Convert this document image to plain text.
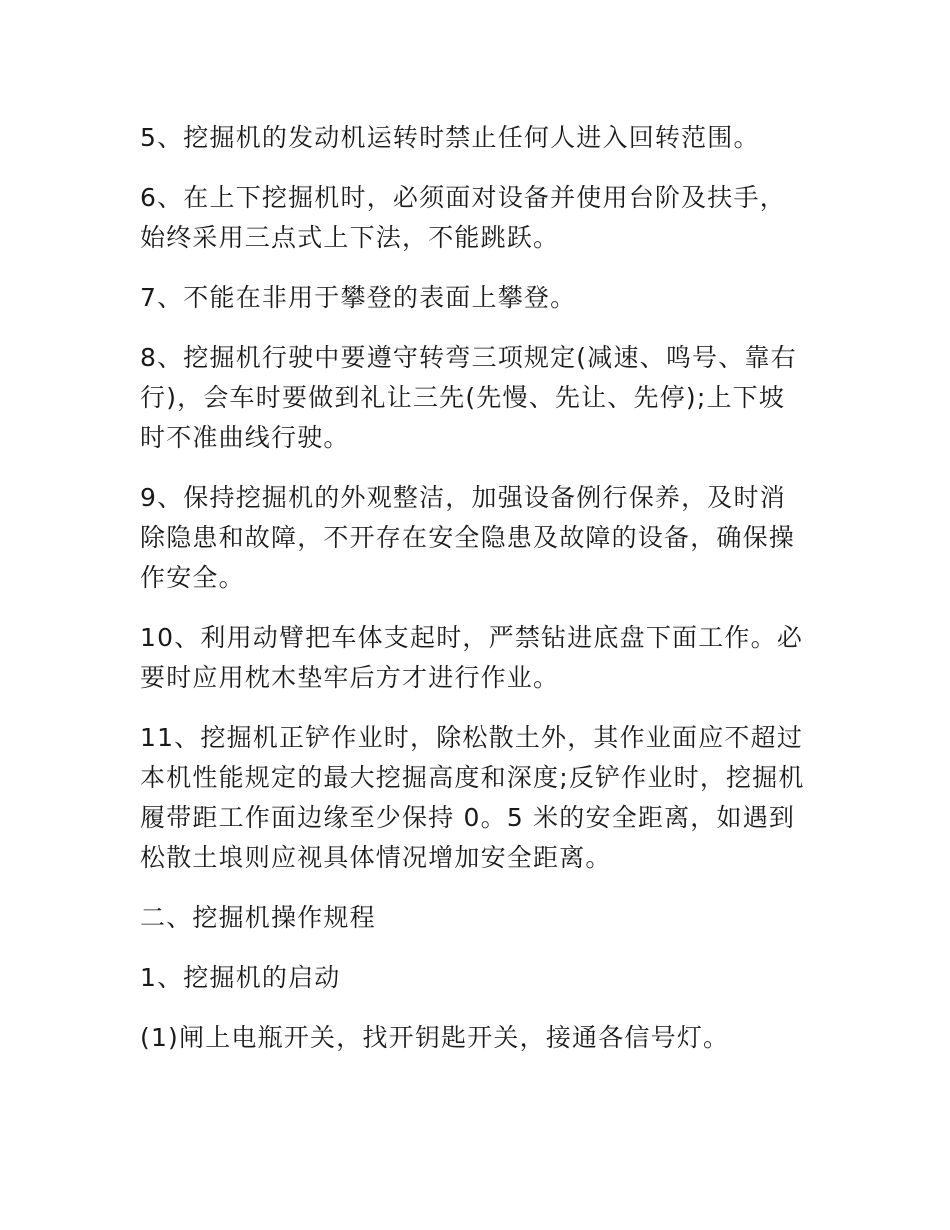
5、挖掘机的发动机运转时禁止任何人进入回转范围。

6、在上下挖掘机时，必须面对设备并使用台阶及扶手，始终采用三点式上下法，不能跳跃。

7、不能在非用于攀登的表面上攀登。

8、挖掘机行驶中要遵守转弯三项规定(减速、鸣号、靠右行)，会车时要做到礼让三先(先慢、先让、先停);上下坡时不准曲线行驶。

9、保持挖掘机的外观整洁，加强设备例行保养，及时消除隐患和故障，不开存在安全隐患及故障的设备，确保操作安全。

10、利用动臂把车体支起时，严禁钻进底盘下面工作。必要时应用枕木垫牢后方才进行作业。

11、挖掘机正铲作业时，除松散土外，其作业面应不超过本机性能规定的最大挖掘高度和深度;反铲作业时，挖掘机履带距工作面边缘至少保持 0。5 米的安全距离，如遇到松散土埌则应视具体情况增加安全距离。

二、挖掘机操作规程

1、挖掘机的启动

(1)闸上电瓶开关，找开钥匙开关，接通各信号灯。
